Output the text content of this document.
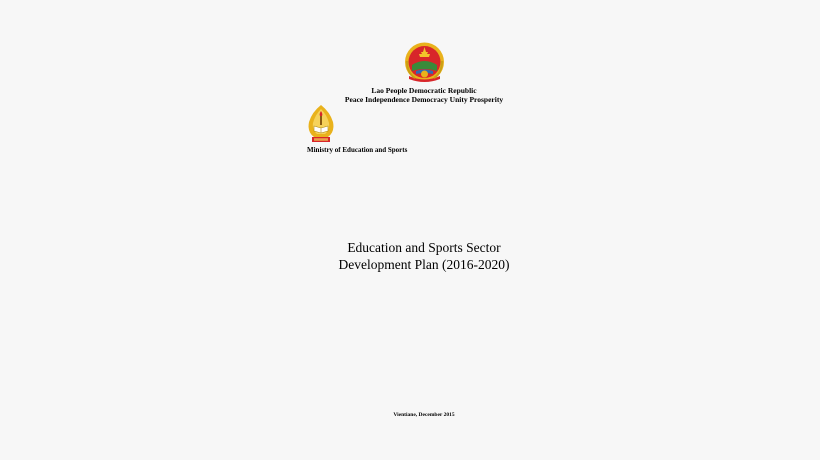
Lao People Democratic Republic
Peace Independence Democracy Unity Prosperity
Ministry of Education and Sports
Education and Sports Sector
Development Plan (2016-2020)
Vientiane, December 2015
